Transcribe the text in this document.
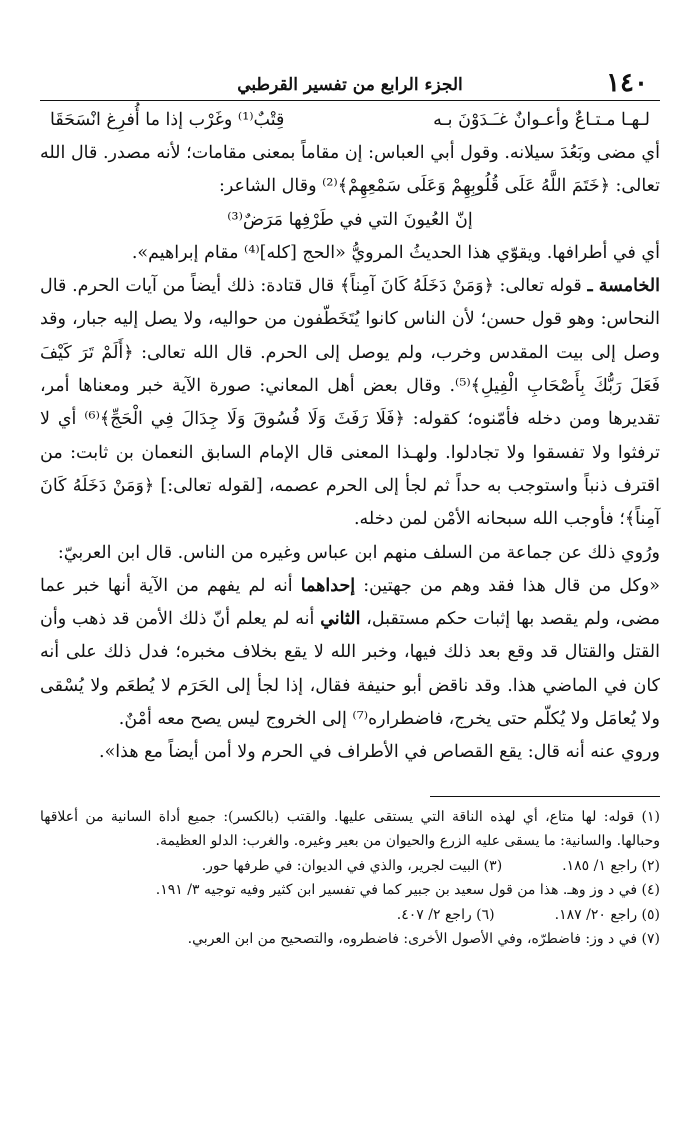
١٤٠
الجزء الرابع من تفسير القرطبي
لـهـا مـتـاعٌ وأعـوانٌ غـَـدَوْنَ بـه
قِتْبٌ⁽¹⁾ وغَرْب إذا ما أُفرِغ انْسَحَقَا

أي مضى وبَعُدَ سيلانه. وقول أبي العباس: إن مقاماً بمعنى مقامات؛ لأنه مصدر. قال الله تعالى: ﴿خَتَمَ اللَّهُ عَلَى قُلُوبِهِمْ وَعَلَى سَمْعِهِمْ﴾⁽²⁾ وقال الشاعر:

إنّ العُيونَ التي في طَرْفِها مَرَضٌ⁽³⁾

أي في أطرافها. ويقوّي هذا الحديثُ المرويُّ «الحج [كله]⁽⁴⁾ مقام إبراهيم».

الخامسة ـ قوله تعالى: ﴿وَمَنْ دَخَلَهُ كَانَ آمِناً﴾ قال قتادة: ذلك أيضاً من آيات الحرم. قال النحاس: وهو قول حسن؛ لأن الناس كانوا يُتَخَطّفون من حواليه، ولا يصل إليه جبار، وقد وصل إلى بيت المقدس وخرب، ولم يوصل إلى الحرم. قال الله تعالى: ﴿أَلَمْ تَرَ كَيْفَ فَعَلَ رَبُّكَ بِأَصْحَابِ الْفِيلِ﴾⁽⁵⁾. وقال بعض أهل المعاني: صورة الآية خبر ومعناها أمر، تقديرها ومن دخله فأمّنوه؛ كقوله: ﴿فَلَا رَفَثَ وَلَا فُسُوقَ وَلَا جِدَالَ فِي الْحَجِّ﴾⁽⁶⁾ أي لا ترفثوا ولا تفسقوا ولا تجادلوا. ولهـذا المعنى قال الإمام السابق النعمان بن ثابت: من اقترف ذنباً واستوجب به حداً ثم لجأ إلى الحرم عصمه، [لقوله تعالى:] ﴿وَمَنْ دَخَلَهُ كَانَ آمِناً﴾؛ فأوجب الله سبحانه الأمْن لمن دخله.

ورُوي ذلك عن جماعة من السلف منهم ابن عباس وغيره من الناس. قال ابن العربيّ:

«وكل من قال هذا فقد وهم من جهتين: إحداهما أنه لم يفهم من الآية أنها خبر عما مضى، ولم يقصد بها إثبات حكم مستقبل، الثاني أنه لم يعلم أنّ ذلك الأمن قد ذهب وأن القتل والقتال قد وقع بعد ذلك فيها، وخبر الله لا يقع بخلاف مخبره؛ فدل ذلك على أنه كان في الماضي هذا. وقد ناقض أبو حنيفة فقال، إذا لجأ إلى الحَرَم لا يُطعَم ولا يُسْقى ولا يُعامَل ولا يُكلّم حتى يخرج، فاضطراره⁽⁷⁾ إلى الخروج ليس يصح معه أمْنٌ.

وروي عنه أنه قال: يقع القصاص في الأطراف في الحرم ولا أمن أيضاً مع هذا».

(١) قوله: لها متاع، أي لهذه الناقة التي يستقى عليها. والقتب (بالكسر): جميع أداة السانية من أعلاقها وحبالها. والسانية: ما يسقى عليه الزرع والحيوان من بعير وغيره. والغرب: الدلو العظيمة.

(٢) راجع ١/ ١٨٥.

(٣) البيت لجرير، والذي في الديوان: في طرفها حور.

(٤) في د وز وهـ. هذا من قول سعيد بن جبير كما في تفسير ابن كثير وفيه توجيه ٣/ ١٩١.

(٥) راجع ٢٠/ ١٨٧.

(٦) راجع ٢/ ٤٠٧.

(٧) في د وز: فاضطرّه، وفي الأصول الأخرى: فاضطروه، والتصحيح من ابن العربي.
